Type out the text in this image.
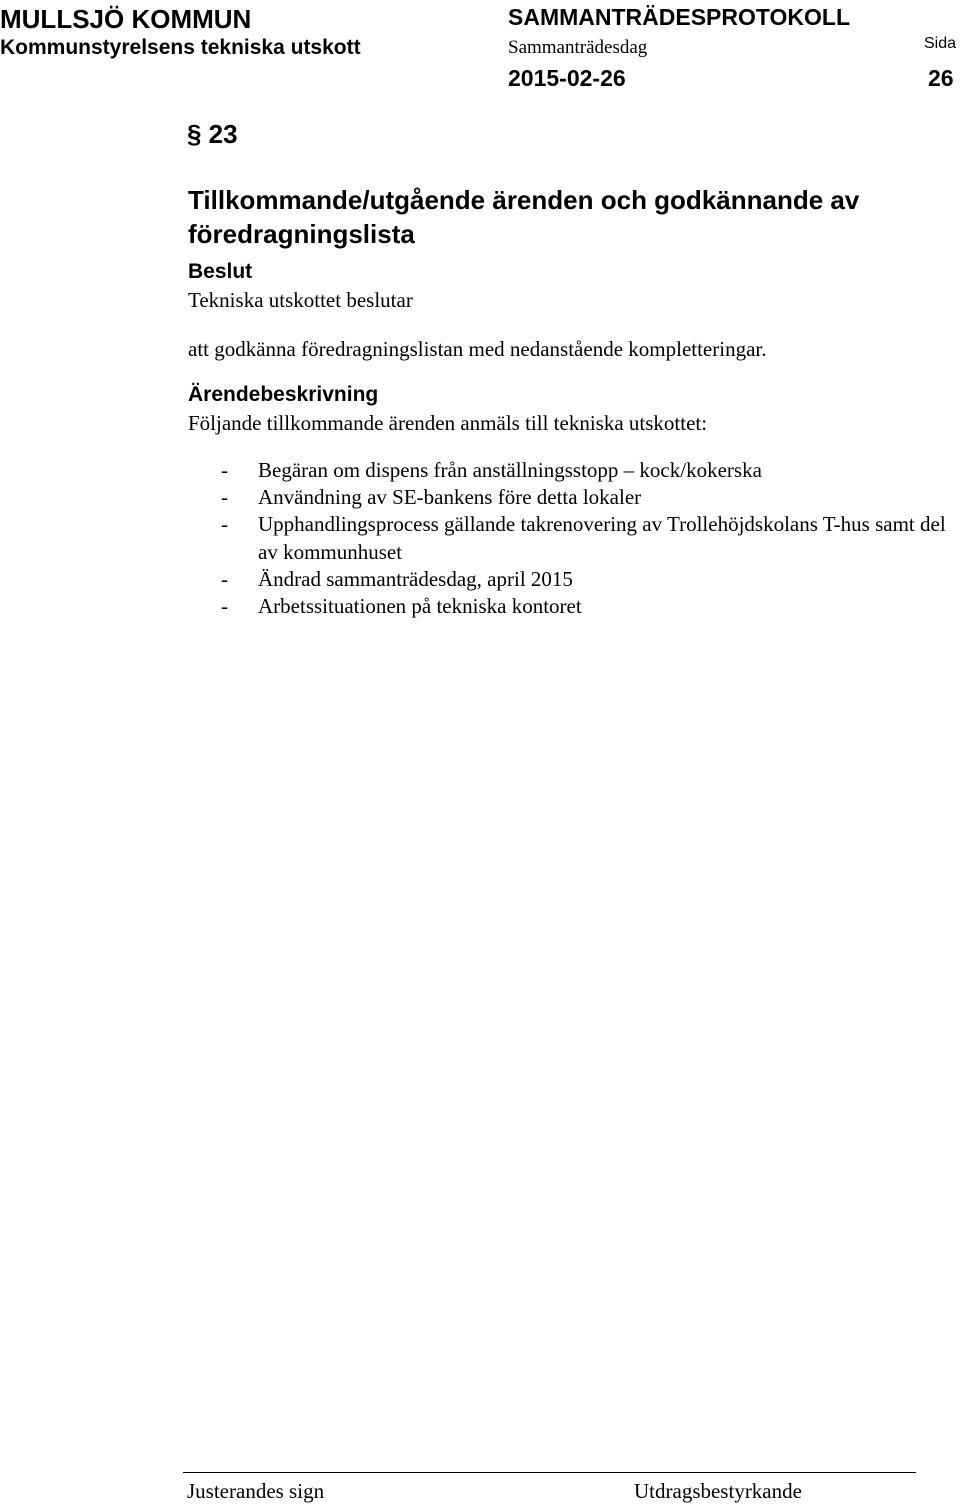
MULLSJÖ KOMMUN
Kommunstyrelsens tekniska utskott
SAMMANTRÄDESPROTOKOLL
Sammanträdesdag
2015-02-26
Sida
26
§ 23
Tillkommande/utgående ärenden och godkännande av föredragningslista
Beslut
Tekniska utskottet beslutar
att godkänna föredragningslistan med nedanstående kompletteringar.
Ärendebeskrivning
Följande tillkommande ärenden anmäls till tekniska utskottet:
- Begäran om dispens från anställningsstopp – kock/kokerska
- Användning av SE-bankens före detta lokaler
- Upphandlingsprocess gällande takrenovering av Trollehöjdskolans T-hus samt del av kommunhuset
- Ändrad sammanträdesdag, april 2015
- Arbetssituationen på tekniska kontoret
Justerandes sign	Utdragsbestyrkande
